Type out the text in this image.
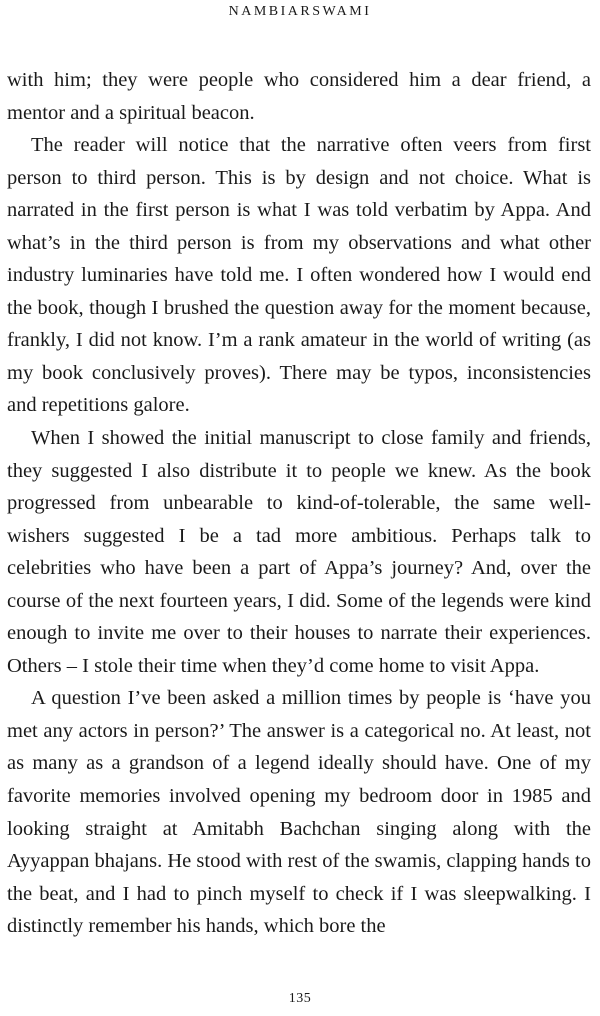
NAMBIARSWAMI

with him; they were people who considered him a dear friend, a mentor and a spiritual beacon.

The reader will notice that the narrative often veers from first person to third person. This is by design and not choice. What is narrated in the first person is what I was told verbatim by Appa. And what’s in the third person is from my observations and what other industry luminaries have told me. I often wondered how I would end the book, though I brushed the question away for the moment because, frankly, I did not know. I’m a rank amateur in the world of writing (as my book conclusively proves). There may be typos, inconsistencies and repetitions galore.

When I showed the initial manuscript to close family and friends, they suggested I also distribute it to people we knew. As the book progressed from unbearable to kind-of-tolerable, the same well-wishers suggested I be a tad more ambitious. Perhaps talk to celebrities who have been a part of Appa’s journey? And, over the course of the next fourteen years, I did. Some of the legends were kind enough to invite me over to their houses to narrate their experiences. Others – I stole their time when they’d come home to visit Appa.

A question I’ve been asked a million times by people is ‘have you met any actors in person?’ The answer is a categorical no. At least, not as many as a grandson of a legend ideally should have. One of my favorite memories involved opening my bedroom door in 1985 and looking straight at Amitabh Bachchan singing along with the Ayyappan bhajans. He stood with rest of the swamis, clapping hands to the beat, and I had to pinch myself to check if I was sleepwalking. I distinctly remember his hands, which bore the

135
